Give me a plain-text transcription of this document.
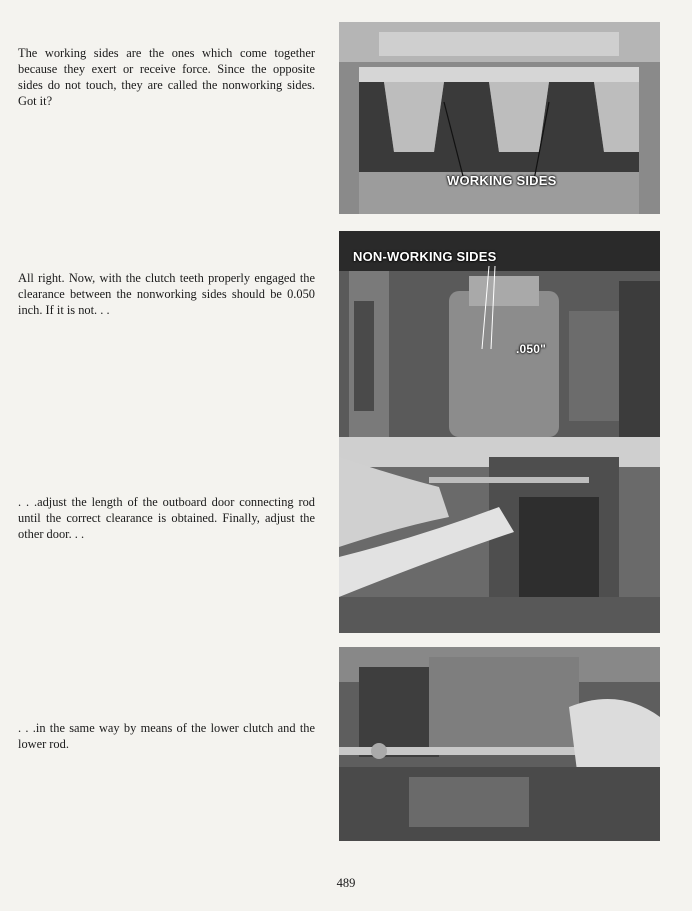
The working sides are the ones which come together because they exert or receive force. Since the opposite sides do not touch, they are called the nonworking sides. Got it?

All right. Now, with the clutch teeth properly engaged the clearance between the nonworking sides should be 0.050 inch. If it is not. . .

. . .adjust the length of the outboard door connecting rod until the correct clearance is obtained. Finally, adjust the other door. . .

. . .in the same way by means of the lower clutch and the lower rod.

WORKING SIDES
NON-WORKING SIDES
.050"
489
